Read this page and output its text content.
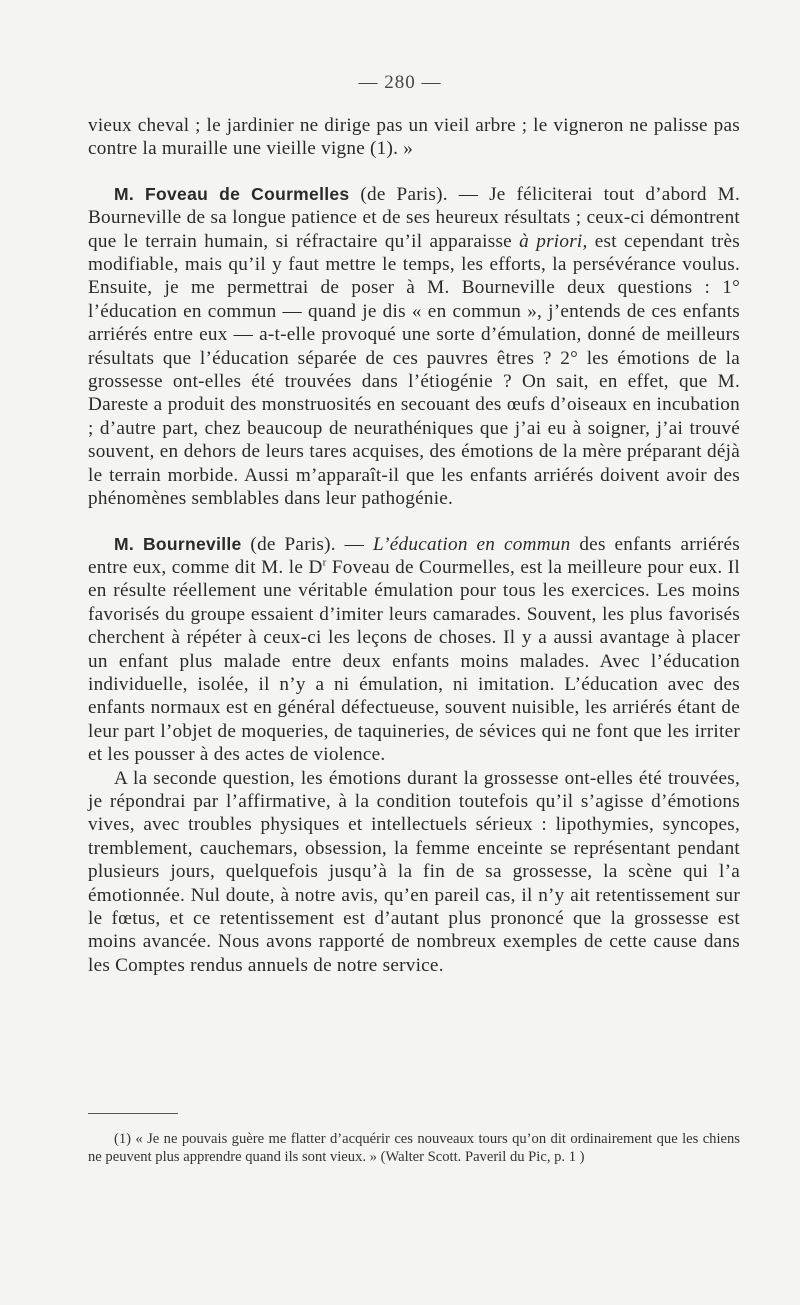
— 280 —

vieux cheval ; le jardinier ne dirige pas un vieil arbre ; le vigneron ne palisse pas contre la muraille une vieille vigne (1). »

M. Foveau de Courmelles (de Paris). — Je féliciterai tout d’abord M. Bourneville de sa longue patience et de ses heureux résultats ; ceux-ci démontrent que le terrain humain, si réfractaire qu’il apparaisse à priori, est cependant très modifiable, mais qu’il y faut mettre le temps, les efforts, la persévérance voulus. Ensuite, je me permettrai de poser à M. Bourneville deux questions : 1° l’éducation en commun — quand je dis « en commun », j’entends de ces enfants arriérés entre eux — a-t-elle provoqué une sorte d’émulation, donné de meilleurs résultats que l’éducation séparée de ces pauvres êtres ? 2° les émotions de la grossesse ont-elles été trouvées dans l’étiogénie ? On sait, en effet, que M. Dareste a produit des monstruosités en secouant des œufs d’oiseaux en incubation ; d’autre part, chez beaucoup de neurathéniques que j’ai eu à soigner, j’ai trouvé souvent, en dehors de leurs tares acquises, des émotions de la mère préparant déjà le terrain morbide. Aussi m’apparaît-il que les enfants arriérés doivent avoir des phénomènes semblables dans leur pathogénie.

M. Bourneville (de Paris). — L’éducation en commun des enfants arriérés entre eux, comme dit M. le $D^r$ Foveau de Courmelles, est la meilleure pour eux. Il en résulte réellement une véritable émulation pour tous les exercices. Les moins favorisés du groupe essaient d’imiter leurs camarades. Souvent, les plus favorisés cherchent à répéter à ceux-ci les leçons de choses. Il y a aussi avantage à placer un enfant plus malade entre deux enfants moins malades. Avec l’éducation individuelle, isolée, il n’y a ni émulation, ni imitation. L’éducation avec des enfants normaux est en général défectueuse, souvent nuisible, les arriérés étant de leur part l’objet de moqueries, de taquineries, de sévices qui ne font que les irriter et les pousser à des actes de violence.

A la seconde question, les émotions durant la grossesse ont-elles été trouvées, je répondrai par l’affirmative, à la condition toutefois qu’il s’agisse d’émotions vives, avec troubles physiques et intellectuels sérieux : lipothymies, syncopes, tremblement, cauchemars, obsession, la femme enceinte se représentant pendant plusieurs jours, quelquefois jusqu’à la fin de sa grossesse, la scène qui l’a émotionnée. Nul doute, à notre avis, qu’en pareil cas, il n’y ait retentissement sur le fœtus, et ce retentissement est d’autant plus prononcé que la grossesse est moins avancée. Nous avons rapporté de nombreux exemples de cette cause dans les Comptes rendus annuels de notre service.

(1) « Je ne pouvais guère me flatter d’acquérir ces nouveaux tours qu’on dit ordinairement que les chiens ne peuvent plus apprendre quand ils sont vieux. » (Walter Scott. Paveril du Pic, p. 1 )
